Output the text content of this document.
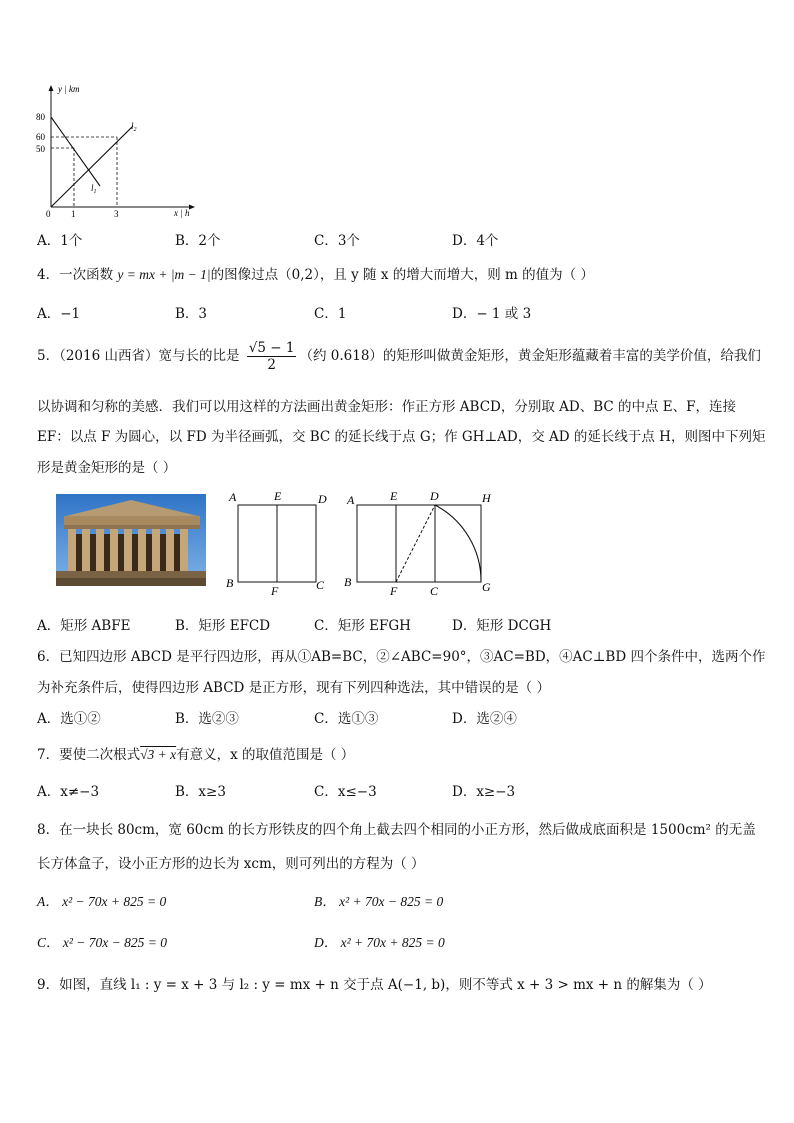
y | km
x | h
80
60
50
0 1	3
$l_1$
$l_2$
A．1个	B．2个	C．3个	D．4个
4．一次函数 y = mx + |m − 1|的图像过点（0,2），且 y 随 x 的增大而增大，则 m 的值为（ ）
A．−1	B．3	C．1	D．− 1 或 3
5．（2016 山西省）宽与长的比是 $\frac{√5 - 1}{2}$ （约 0.618）的矩形叫做黄金矩形，黄金矩形蕴藏着丰富的美学价值，给我们
以协调和匀称的美感．我们可以用这样的方法画出黄金矩形：作正方形 ABCD，分别取 AD、BC 的中点 E、F，连接
EF：以点 F 为圆心，以 FD 为半径画弧，交 BC 的延长线于点 G；作 GH⊥AD，交 AD 的延长线于点 H，则图中下列矩
形是黄金矩形的是（ ）
A	E	D
B
F	C
A	E	D	H
B
F	C	G
A．矩形 ABFE	B．矩形 EFCD	C．矩形 EFGH	D．矩形 DCGH
6．已知四边形 ABCD 是平行四边形，再从①AB=BC，②∠ABC=90°，③AC=BD，④AC⊥BD 四个条件中，选两个作
为补充条件后，使得四边形 ABCD 是正方形，现有下列四种选法，其中错误的是（ ）
A．选①②	B．选②③	C．选①③	D．选②④
7．要使二次根式√3 + x有意义，x 的取值范围是（ ）
A．x≠−3	B．x≥3	C．x≤−3	D．x≥−3
8．在一块长 80cm，宽 60cm 的长方形铁皮的四个角上截去四个相同的小正方形，然后做成底面积是 1500cm² 的无盖
长方体盒子，设小正方形的边长为 xcm，则可列出的方程为（ ）
A． x² − 70x + 825 = 0	B． x² + 70x − 825 = 0
C． x² − 70x − 825 = 0	D． x² + 70x + 825 = 0
9．如图，直线 l₁ : y = x + 3 与 l₂ : y = mx + n 交于点 A(−1, b)，则不等式 x + 3 > mx + n 的解集为（ ）
